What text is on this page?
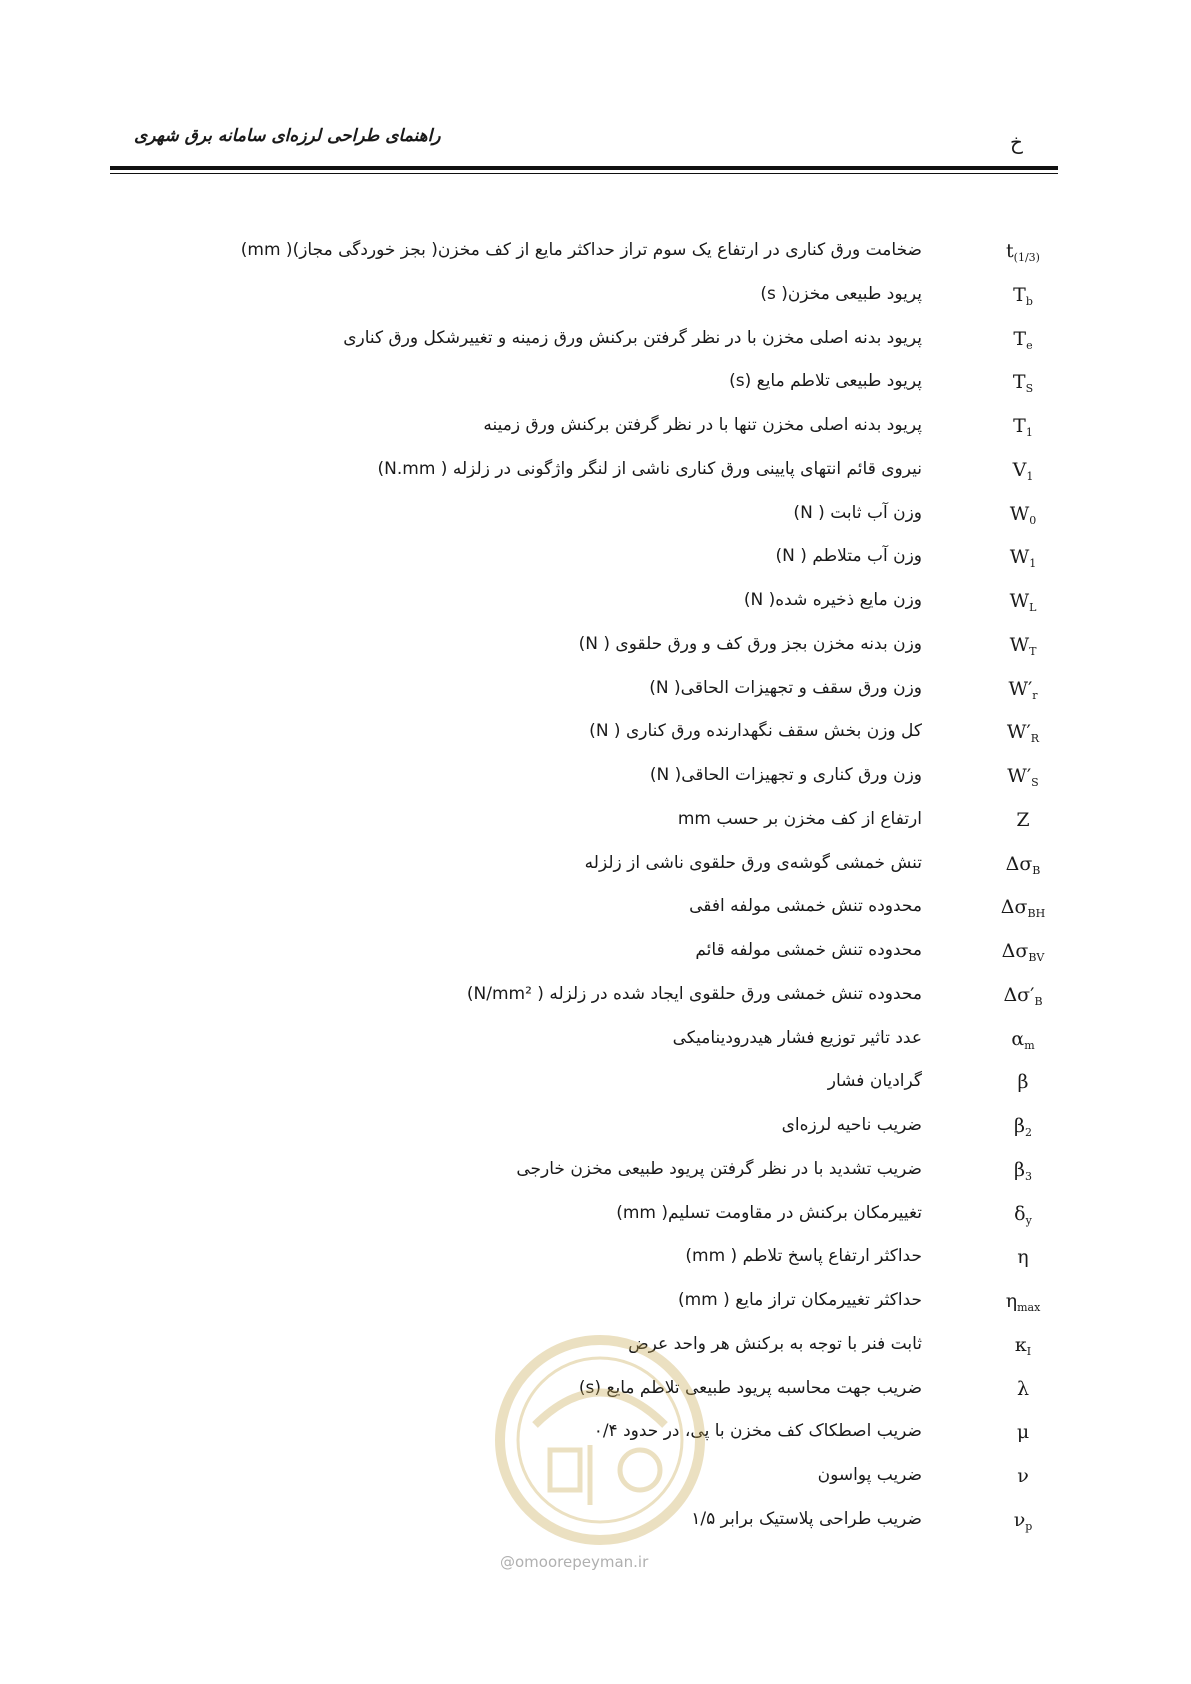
راهنمای طراحی لرزه‌ای سامانه برق شهری	خ
ضخامت ورق کناری در ارتفاع یک سوم تراز حداکثر مایع از کف مخزن( بجز خوردگی مجاز)( mm)	$t_{(1/3)}$
پریود طبیعی مخزن( s)	$T_b$
پریود بدنه اصلی مخزن با در نظر گرفتن برکنش ورق زمینه و تغییرشکل ورق کناری	$T_e$
پریود طبیعی تلاطم مایع (s)	$T_S$
پریود بدنه اصلی مخزن تنها با در نظر گرفتن برکنش ورق زمینه	$T_1$
نیروی قائم انتهای پایینی ورق کناری ناشی از لنگر واژگونی در زلزله ( N.mm)	$V_1$
وزن آب ثابت ( N)	$W_0$
وزن آب متلاطم ( N)	$W_1$
وزن مایع ذخیره شده( N)	$W_L$
وزن بدنه مخزن بجز ورق کف و ورق حلقوی ( N)	$W_T$
وزن ورق سقف و تجهیزات الحاقی( N)	$W'_r$
کل وزن بخش سقف نگهدارنده ورق کناری ( N)	$W'_R$
وزن ورق کناری و تجهیزات الحاقی( N)	$W'_S$
ارتفاع از کف مخزن بر حسب mm	Z
تنش خمشی گوشه‌ی ورق حلقوی ناشی از زلزله	$\Delta\sigma_B$
محدوده تنش خمشی مولفه افقی	$\Delta\sigma_{BH}$
محدوده تنش خمشی مولفه قائم	$\Delta\sigma_{BV}$
محدوده تنش خمشی ورق حلقوی ایجاد شده در زلزله ( N/mm²)	$\Delta\sigma'_B$
عدد تاثیر توزیع فشار هیدرودینامیکی	$\alpha_m$
گرادیان فشار	β
ضریب ناحیه لرزه‌ای	$\beta_2$
ضریب تشدید با در نظر گرفتن پریود طبیعی مخزن خارجی	$\beta_3$
تغییرمکان برکنش در مقاومت تسلیم( mm)	$\delta_y$
حداکثر ارتفاع پاسخ تلاطم ( mm)	η
حداکثر تغییرمکان تراز مایع ( mm)	$\eta_{max}$
ثابت فنر با توجه به برکنش هر واحد عرض	$\kappa_I$
ضریب جهت محاسبه پریود طبیعی تلاطم مایع (s)	λ
ضریب اصطکاک کف مخزن با پی، در حدود ۰/۴	μ
ضریب پواسون	ν
ضریب طراحی پلاستیک برابر ۱/۵	$\nu_p$
@omoorepeyman.ir
